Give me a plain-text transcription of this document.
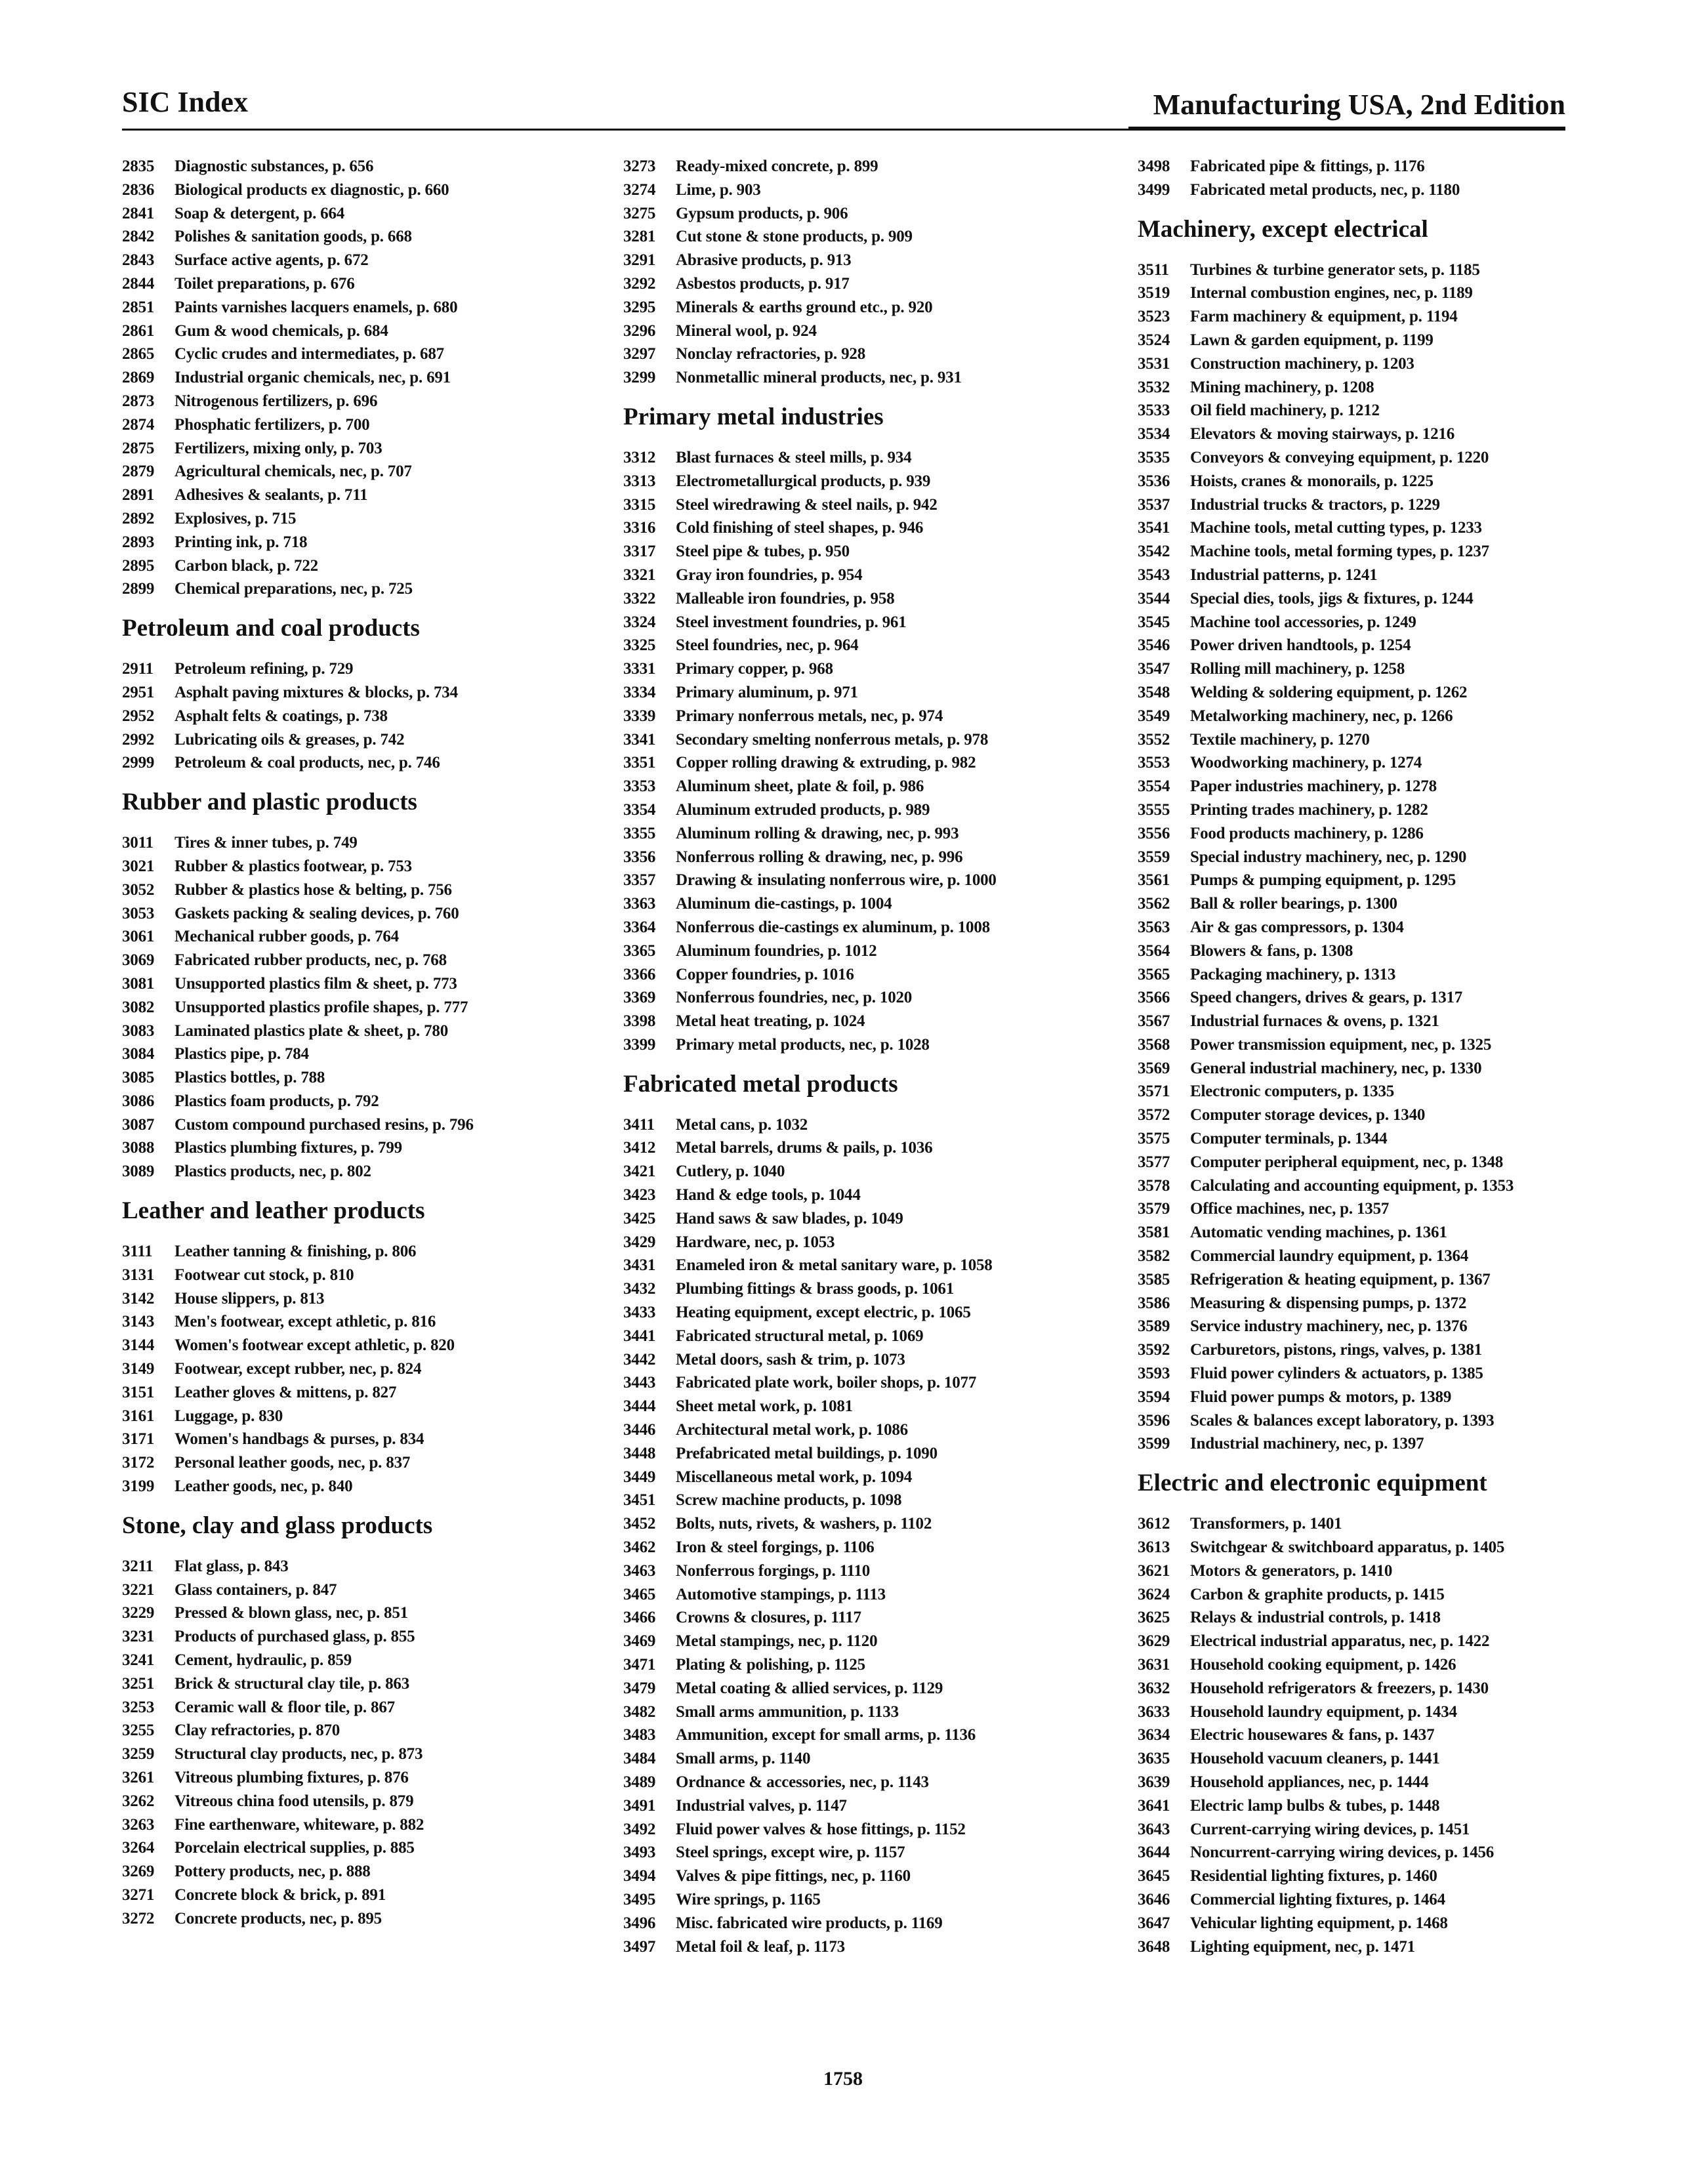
SIC Index	Manufacturing USA, 2nd Edition
2835 Diagnostic substances, p. 656
2836 Biological products ex diagnostic, p. 660
2841 Soap & detergent, p. 664
2842 Polishes & sanitation goods, p. 668
2843 Surface active agents, p. 672
2844 Toilet preparations, p. 676
2851 Paints varnishes lacquers enamels, p. 680
2861 Gum & wood chemicals, p. 684
2865 Cyclic crudes and intermediates, p. 687
2869 Industrial organic chemicals, nec, p. 691
2873 Nitrogenous fertilizers, p. 696
2874 Phosphatic fertilizers, p. 700
2875 Fertilizers, mixing only, p. 703
2879 Agricultural chemicals, nec, p. 707
2891 Adhesives & sealants, p. 711
2892 Explosives, p. 715
2893 Printing ink, p. 718
2895 Carbon black, p. 722
2899 Chemical preparations, nec, p. 725
Petroleum and coal products
2911 Petroleum refining, p. 729
2951 Asphalt paving mixtures & blocks, p. 734
2952 Asphalt felts & coatings, p. 738
2992 Lubricating oils & greases, p. 742
2999 Petroleum & coal products, nec, p. 746
Rubber and plastic products
3011 Tires & inner tubes, p. 749
3021 Rubber & plastics footwear, p. 753
3052 Rubber & plastics hose & belting, p. 756
3053 Gaskets packing & sealing devices, p. 760
3061 Mechanical rubber goods, p. 764
3069 Fabricated rubber products, nec, p. 768
3081 Unsupported plastics film & sheet, p. 773
3082 Unsupported plastics profile shapes, p. 777
3083 Laminated plastics plate & sheet, p. 780
3084 Plastics pipe, p. 784
3085 Plastics bottles, p. 788
3086 Plastics foam products, p. 792
3087 Custom compound purchased resins, p. 796
3088 Plastics plumbing fixtures, p. 799
3089 Plastics products, nec, p. 802
Leather and leather products
3111 Leather tanning & finishing, p. 806
3131 Footwear cut stock, p. 810
3142 House slippers, p. 813
3143 Men's footwear, except athletic, p. 816
3144 Women's footwear except athletic, p. 820
3149 Footwear, except rubber, nec, p. 824
3151 Leather gloves & mittens, p. 827
3161 Luggage, p. 830
3171 Women's handbags & purses, p. 834
3172 Personal leather goods, nec, p. 837
3199 Leather goods, nec, p. 840
Stone, clay and glass products
3211 Flat glass, p. 843
3221 Glass containers, p. 847
3229 Pressed & blown glass, nec, p. 851
3231 Products of purchased glass, p. 855
3241 Cement, hydraulic, p. 859
3251 Brick & structural clay tile, p. 863
3253 Ceramic wall & floor tile, p. 867
3255 Clay refractories, p. 870
3259 Structural clay products, nec, p. 873
3261 Vitreous plumbing fixtures, p. 876
3262 Vitreous china food utensils, p. 879
3263 Fine earthenware, whiteware, p. 882
3264 Porcelain electrical supplies, p. 885
3269 Pottery products, nec, p. 888
3271 Concrete block & brick, p. 891
3272 Concrete products, nec, p. 895
3273 Ready-mixed concrete, p. 899
3274 Lime, p. 903
3275 Gypsum products, p. 906
3281 Cut stone & stone products, p. 909
3291 Abrasive products, p. 913
3292 Asbestos products, p. 917
3295 Minerals & earths ground etc., p. 920
3296 Mineral wool, p. 924
3297 Nonclay refractories, p. 928
3299 Nonmetallic mineral products, nec, p. 931
Primary metal industries
3312 Blast furnaces & steel mills, p. 934
3313 Electrometallurgical products, p. 939
3315 Steel wiredrawing & steel nails, p. 942
3316 Cold finishing of steel shapes, p. 946
3317 Steel pipe & tubes, p. 950
3321 Gray iron foundries, p. 954
3322 Malleable iron foundries, p. 958
3324 Steel investment foundries, p. 961
3325 Steel foundries, nec, p. 964
3331 Primary copper, p. 968
3334 Primary aluminum, p. 971
3339 Primary nonferrous metals, nec, p. 974
3341 Secondary smelting nonferrous metals, p. 978
3351 Copper rolling drawing & extruding, p. 982
3353 Aluminum sheet, plate & foil, p. 986
3354 Aluminum extruded products, p. 989
3355 Aluminum rolling & drawing, nec, p. 993
3356 Nonferrous rolling & drawing, nec, p. 996
3357 Drawing & insulating nonferrous wire, p. 1000
3363 Aluminum die-castings, p. 1004
3364 Nonferrous die-castings ex aluminum, p. 1008
3365 Aluminum foundries, p. 1012
3366 Copper foundries, p. 1016
3369 Nonferrous foundries, nec, p. 1020
3398 Metal heat treating, p. 1024
3399 Primary metal products, nec, p. 1028
Fabricated metal products
3411 Metal cans, p. 1032
3412 Metal barrels, drums & pails, p. 1036
3421 Cutlery, p. 1040
3423 Hand & edge tools, p. 1044
3425 Hand saws & saw blades, p. 1049
3429 Hardware, nec, p. 1053
3431 Enameled iron & metal sanitary ware, p. 1058
3432 Plumbing fittings & brass goods, p. 1061
3433 Heating equipment, except electric, p. 1065
3441 Fabricated structural metal, p. 1069
3442 Metal doors, sash & trim, p. 1073
3443 Fabricated plate work, boiler shops, p. 1077
3444 Sheet metal work, p. 1081
3446 Architectural metal work, p. 1086
3448 Prefabricated metal buildings, p. 1090
3449 Miscellaneous metal work, p. 1094
3451 Screw machine products, p. 1098
3452 Bolts, nuts, rivets, & washers, p. 1102
3462 Iron & steel forgings, p. 1106
3463 Nonferrous forgings, p. 1110
3465 Automotive stampings, p. 1113
3466 Crowns & closures, p. 1117
3469 Metal stampings, nec, p. 1120
3471 Plating & polishing, p. 1125
3479 Metal coating & allied services, p. 1129
3482 Small arms ammunition, p. 1133
3483 Ammunition, except for small arms, p. 1136
3484 Small arms, p. 1140
3489 Ordnance & accessories, nec, p. 1143
3491 Industrial valves, p. 1147
3492 Fluid power valves & hose fittings, p. 1152
3493 Steel springs, except wire, p. 1157
3494 Valves & pipe fittings, nec, p. 1160
3495 Wire springs, p. 1165
3496 Misc. fabricated wire products, p. 1169
3497 Metal foil & leaf, p. 1173
3498 Fabricated pipe & fittings, p. 1176
3499 Fabricated metal products, nec, p. 1180
Machinery, except electrical
3511 Turbines & turbine generator sets, p. 1185
3519 Internal combustion engines, nec, p. 1189
3523 Farm machinery & equipment, p. 1194
3524 Lawn & garden equipment, p. 1199
3531 Construction machinery, p. 1203
3532 Mining machinery, p. 1208
3533 Oil field machinery, p. 1212
3534 Elevators & moving stairways, p. 1216
3535 Conveyors & conveying equipment, p. 1220
3536 Hoists, cranes & monorails, p. 1225
3537 Industrial trucks & tractors, p. 1229
3541 Machine tools, metal cutting types, p. 1233
3542 Machine tools, metal forming types, p. 1237
3543 Industrial patterns, p. 1241
3544 Special dies, tools, jigs & fixtures, p. 1244
3545 Machine tool accessories, p. 1249
3546 Power driven handtools, p. 1254
3547 Rolling mill machinery, p. 1258
3548 Welding & soldering equipment, p. 1262
3549 Metalworking machinery, nec, p. 1266
3552 Textile machinery, p. 1270
3553 Woodworking machinery, p. 1274
3554 Paper industries machinery, p. 1278
3555 Printing trades machinery, p. 1282
3556 Food products machinery, p. 1286
3559 Special industry machinery, nec, p. 1290
3561 Pumps & pumping equipment, p. 1295
3562 Ball & roller bearings, p. 1300
3563 Air & gas compressors, p. 1304
3564 Blowers & fans, p. 1308
3565 Packaging machinery, p. 1313
3566 Speed changers, drives & gears, p. 1317
3567 Industrial furnaces & ovens, p. 1321
3568 Power transmission equipment, nec, p. 1325
3569 General industrial machinery, nec, p. 1330
3571 Electronic computers, p. 1335
3572 Computer storage devices, p. 1340
3575 Computer terminals, p. 1344
3577 Computer peripheral equipment, nec, p. 1348
3578 Calculating and accounting equipment, p. 1353
3579 Office machines, nec, p. 1357
3581 Automatic vending machines, p. 1361
3582 Commercial laundry equipment, p. 1364
3585 Refrigeration & heating equipment, p. 1367
3586 Measuring & dispensing pumps, p. 1372
3589 Service industry machinery, nec, p. 1376
3592 Carburetors, pistons, rings, valves, p. 1381
3593 Fluid power cylinders & actuators, p. 1385
3594 Fluid power pumps & motors, p. 1389
3596 Scales & balances except laboratory, p. 1393
3599 Industrial machinery, nec, p. 1397
Electric and electronic equipment
3612 Transformers, p. 1401
3613 Switchgear & switchboard apparatus, p. 1405
3621 Motors & generators, p. 1410
3624 Carbon & graphite products, p. 1415
3625 Relays & industrial controls, p. 1418
3629 Electrical industrial apparatus, nec, p. 1422
3631 Household cooking equipment, p. 1426
3632 Household refrigerators & freezers, p. 1430
3633 Household laundry equipment, p. 1434
3634 Electric housewares & fans, p. 1437
3635 Household vacuum cleaners, p. 1441
3639 Household appliances, nec, p. 1444
3641 Electric lamp bulbs & tubes, p. 1448
3643 Current-carrying wiring devices, p. 1451
3644 Noncurrent-carrying wiring devices, p. 1456
3645 Residential lighting fixtures, p. 1460
3646 Commercial lighting fixtures, p. 1464
3647 Vehicular lighting equipment, p. 1468
3648 Lighting equipment, nec, p. 1471
1758
